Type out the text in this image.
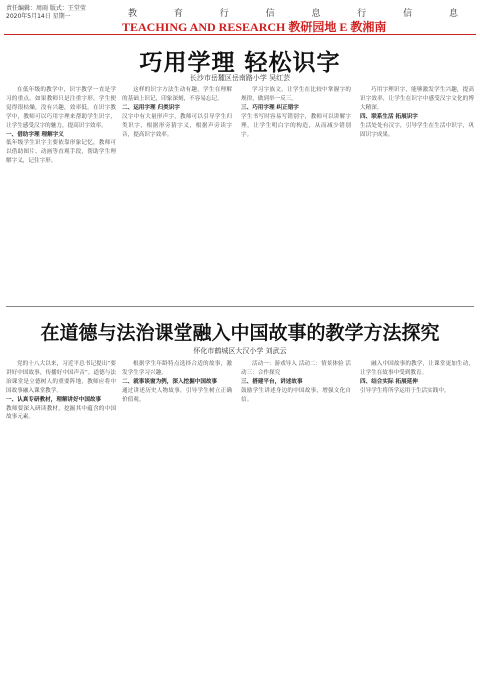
责任编辑：周雨 版式：王堂莹
2020年5月14日 星期一	教 育 行 信 息 行 信 息
TEACHING AND RESEARCH 教研园地 E 教湘南
巧用学理 轻松识字
长沙市岳麓区岳南路小学 吴红芸
在低年级的教学中，识字教学一直是学习的重点。如果教师只是注重字形，学生便觉得很枯燥，没有兴趣，效率低。在识字教学中，教师可以巧用字理来帮助学生识字，让学生感受汉字的魅力，提高识字效率。
一、借助字理 理解字义
低年级学生识字主要依靠形象记忆，教师可以借助图片、动画等直观手段，帮助学生理解字义，记住字形。
这样的识字方法生动有趣，学生在理解的基础上识记，印象深刻，不容易忘记。
二、运用字理 归类识字
汉字中有大量形声字，教师可以引导学生归类识字，根据形旁猜字义，根据声旁读字音，提高识字效率。
学习字族文，让学生在比较中掌握字的规律，做到举一反三。
三、巧用字理 纠正错字
学生书写时容易写错别字，教师可以讲解字理，让学生明白字的构造，从而减少错别字。
巧用字理识字，能够激发学生兴趣，提高识字效率，让学生在识字中感受汉字文化的博大精深。
四、联系生活 拓展识字
生活处处有汉字，引导学生在生活中识字，巩固识字成果。
在道德与法治课堂融入中国故事的教学方法探究
怀化市鹤城区大汉小学 刘武云
党的十八大以来，习近平总书记提出“要讲好中国故事，传播好中国声音”。道德与法治课堂是立德树人的重要阵地，教师应将中国故事融入课堂教学。
一、认真专研教材，理解讲好中国故事
教师要深入研读教材，挖掘其中蕴含的中国故事元素。
根据学生年龄特点选择合适的故事，激发学生学习兴趣。
二、就事谈窗为例，深入挖掘中国故事
通过讲述历史人物故事，引导学生树立正确价值观。
活动一：游戏导入 活动二：情景体验 活动三：合作探究
三、搭建平台，讲述故事
鼓励学生讲述身边的中国故事，增强文化自信。
融入中国故事的教学，让课堂更加生动，让学生在故事中受到教育。
四、结合实际 拓展延伸
引导学生将所学运用于生活实践中。
